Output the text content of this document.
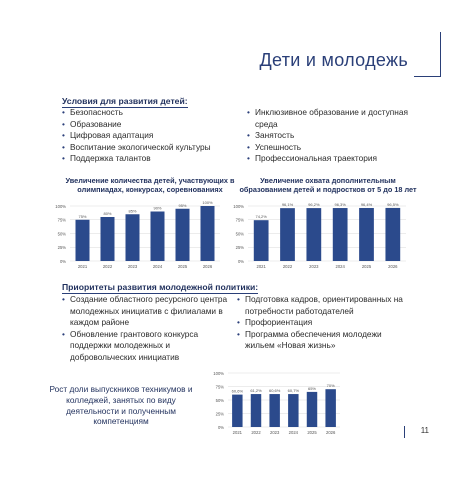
Дети и молодежь
Условия для развития детей:
• Безопасность
• Образование
• Цифровая адаптация
• Воспитание экологической культуры
• Поддержка талантов
• Инклюзивное образование и доступная среда
• Занятость
• Успешность
• Профессиональная траектория
Увеличение количества детей, участвующих в олимпиадах, конкурсах, соревнованиях
0%
25%
50%
75%
100%
75%
2021
80%
2022
85%
2023
90%
2024
95%
2025
100%
2026
Увеличение охвата дополнительным образованием детей и подростков от 5 до 18 лет
0%
25%
50%
75%
100%
74,2%
2021
96,1%
2022
96,2%
2023
96,3%
2024
96,4%
2025
96,5%
2026
Приоритеты развития молодежной политики:
• Создание областного ресурсного центра молодежных инициатив с филиалами в каждом районе
• Обновление грантового конкурса поддержки молодежных и добровольческих инициатив
• Подготовка кадров, ориентированных на потребности работодателей
• Профориентация
• Программа обеспечения молодежи жильем «Новая жизнь»
Рост доли выпускников техникумов и колледжей, занятых по виду деятельности и полученным компетенциям
0%
25%
50%
75%
100%
60,6%
2021
61,2%
2022
60,6%
2023
60,7%
2024
65%
2025
70%
2026	11
